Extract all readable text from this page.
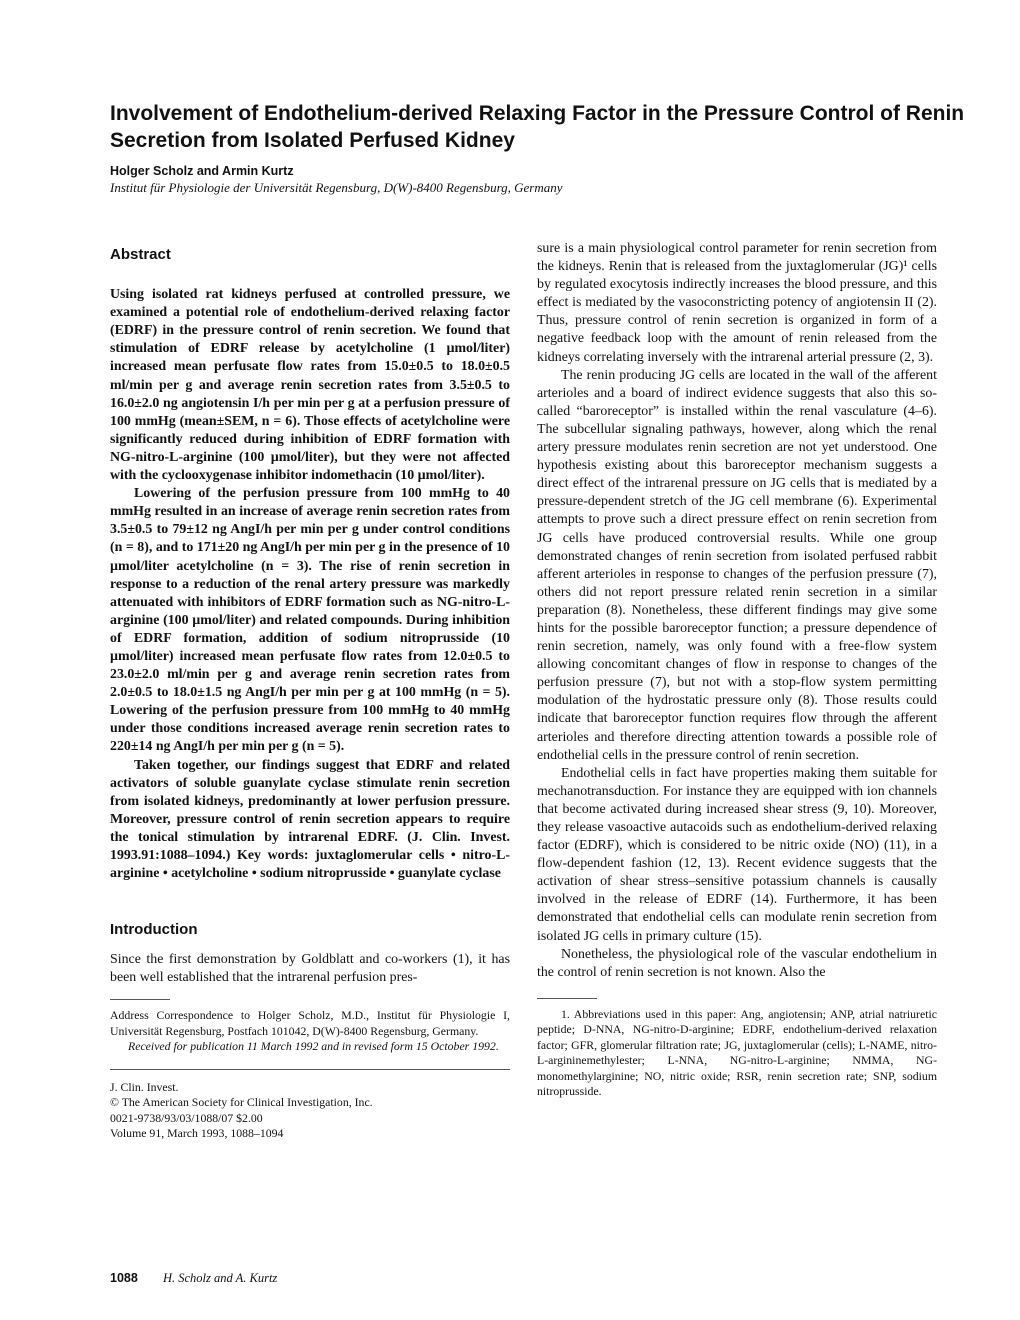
Involvement of Endothelium-derived Relaxing Factor in the Pressure Control of Renin Secretion from Isolated Perfused Kidney
Holger Scholz and Armin Kurtz
Institut für Physiologie der Universität Regensburg, D(W)-8400 Regensburg, Germany
Abstract

Using isolated rat kidneys perfused at controlled pressure, we examined a potential role of endothelium-derived relaxing factor (EDRF) in the pressure control of renin secretion. We found that stimulation of EDRF release by acetylcholine (1 µmol/liter) increased mean perfusate flow rates from 15.0±0.5 to 18.0±0.5 ml/min per g and average renin secretion rates from 3.5±0.5 to 16.0±2.0 ng angiotensin I/h per min per g at a perfusion pressure of 100 mmHg (mean±SEM, n = 6). Those effects of acetylcholine were significantly reduced during inhibition of EDRF formation with NG-nitro-L-arginine (100 µmol/liter), but they were not affected with the cyclooxygenase inhibitor indomethacin (10 µmol/liter).

Lowering of the perfusion pressure from 100 mmHg to 40 mmHg resulted in an increase of average renin secretion rates from 3.5±0.5 to 79±12 ng AngI/h per min per g under control conditions (n = 8), and to 171±20 ng AngI/h per min per g in the presence of 10 µmol/liter acetylcholine (n = 3). The rise of renin secretion in response to a reduction of the renal artery pressure was markedly attenuated with inhibitors of EDRF formation such as NG-nitro-L-arginine (100 µmol/liter) and related compounds. During inhibition of EDRF formation, addition of sodium nitroprusside (10 µmol/liter) increased mean perfusate flow rates from 12.0±0.5 to 23.0±2.0 ml/min per g and average renin secretion rates from 2.0±0.5 to 18.0±1.5 ng AngI/h per min per g at 100 mmHg (n = 5). Lowering of the perfusion pressure from 100 mmHg to 40 mmHg under those conditions increased average renin secretion rates to 220±14 ng AngI/h per min per g (n = 5).

Taken together, our findings suggest that EDRF and related activators of soluble guanylate cyclase stimulate renin secretion from isolated kidneys, predominantly at lower perfusion pressure. Moreover, pressure control of renin secretion appears to require the tonical stimulation by intrarenal EDRF. (J. Clin. Invest. 1993.91:1088–1094.) Key words: juxtaglomerular cells • nitro-L-arginine • acetylcholine • sodium nitroprusside • guanylate cyclase

Introduction

Since the first demonstration by Goldblatt and co-workers (1), it has been well established that the intrarenal perfusion pres-

Address Correspondence to Holger Scholz, M.D., Institut für Physiologie I, Universität Regensburg, Postfach 101042, D(W)-8400 Regensburg, Germany.

Received for publication 11 March 1992 and in revised form 15 October 1992.

J. Clin. Invest.

© The American Society for Clinical Investigation, Inc.

0021-9738/93/03/1088/07 $2.00

Volume 91, March 1993, 1088–1094

sure is a main physiological control parameter for renin secretion from the kidneys. Renin that is released from the juxtaglomerular (JG)¹ cells by regulated exocytosis indirectly increases the blood pressure, and this effect is mediated by the vasoconstricting potency of angiotensin II (2). Thus, pressure control of renin secretion is organized in form of a negative feedback loop with the amount of renin released from the kidneys correlating inversely with the intrarenal arterial pressure (2, 3).

The renin producing JG cells are located in the wall of the afferent arterioles and a board of indirect evidence suggests that also this so-called “baroreceptor” is installed within the renal vasculature (4–6). The subcellular signaling pathways, however, along which the renal artery pressure modulates renin secretion are not yet understood. One hypothesis existing about this baroreceptor mechanism suggests a direct effect of the intrarenal pressure on JG cells that is mediated by a pressure-dependent stretch of the JG cell membrane (6). Experimental attempts to prove such a direct pressure effect on renin secretion from JG cells have produced controversial results. While one group demonstrated changes of renin secretion from isolated perfused rabbit afferent arterioles in response to changes of the perfusion pressure (7), others did not report pressure related renin secretion in a similar preparation (8). Nonetheless, these different findings may give some hints for the possible baroreceptor function; a pressure dependence of renin secretion, namely, was only found with a free-flow system allowing concomitant changes of flow in response to changes of the perfusion pressure (7), but not with a stop-flow system permitting modulation of the hydrostatic pressure only (8). Those results could indicate that baroreceptor function requires flow through the afferent arterioles and therefore directing attention towards a possible role of endothelial cells in the pressure control of renin secretion.

Endothelial cells in fact have properties making them suitable for mechanotransduction. For instance they are equipped with ion channels that become activated during increased shear stress (9, 10). Moreover, they release vasoactive autacoids such as endothelium-derived relaxing factor (EDRF), which is considered to be nitric oxide (NO) (11), in a flow-dependent fashion (12, 13). Recent evidence suggests that the activation of shear stress–sensitive potassium channels is causally involved in the release of EDRF (14). Furthermore, it has been demonstrated that endothelial cells can modulate renin secretion from isolated JG cells in primary culture (15).

Nonetheless, the physiological role of the vascular endothelium in the control of renin secretion is not known. Also the

1. Abbreviations used in this paper: Ang, angiotensin; ANP, atrial natriuretic peptide; D-NNA, NG-nitro-D-arginine; EDRF, endothelium-derived relaxation factor; GFR, glomerular filtration rate; JG, juxtaglomerular (cells); L-NAME, nitro-L-argininemethylester; L-NNA, NG-nitro-L-arginine; NMMA, NG-monomethylarginine; NO, nitric oxide; RSR, renin secretion rate; SNP, sodium nitroprusside.

1088 H. Scholz and A. Kurtz
